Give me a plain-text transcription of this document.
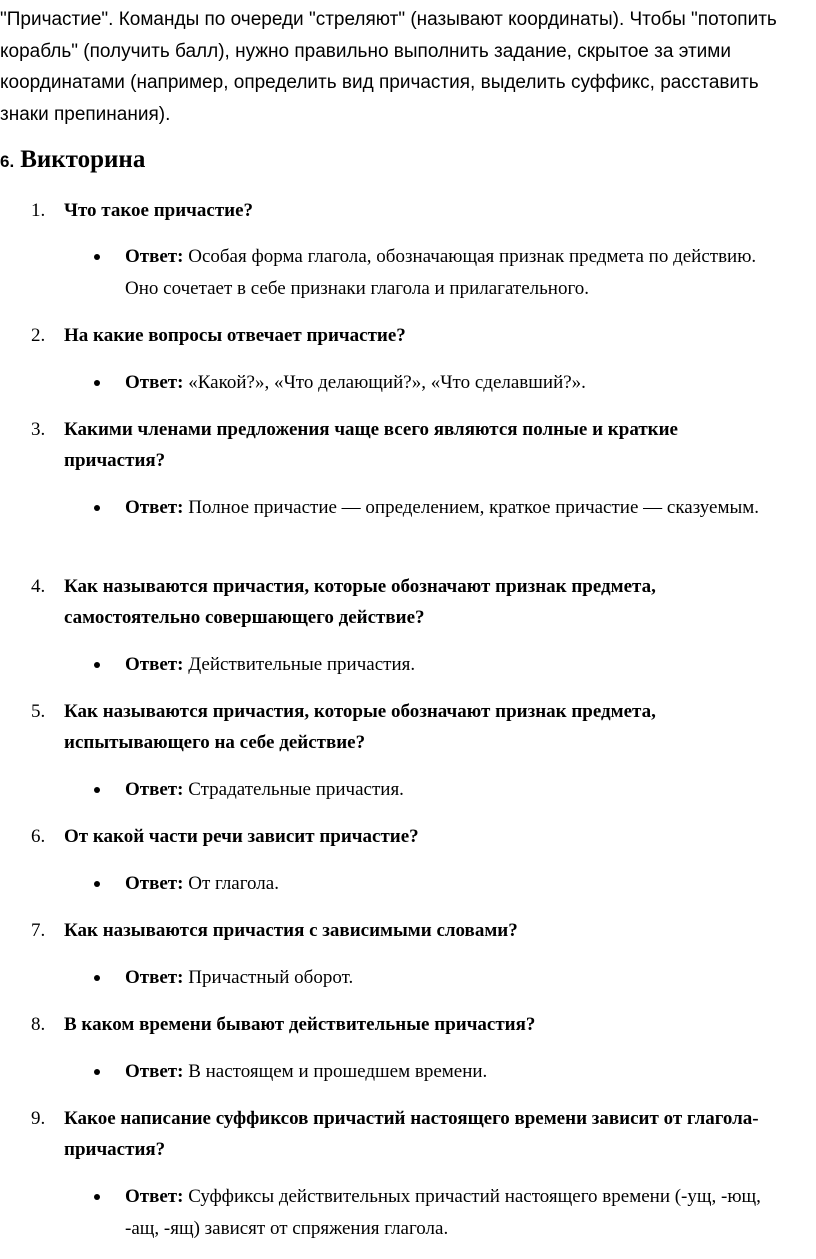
"Причастие". Команды по очереди "стреляют" (называют координаты). Чтобы "потопить корабль" (получить балл), нужно правильно выполнить задание, скрытое за этими координатами (например, определить вид причастия, выделить суффикс, расставить знаки препинания).

6. Викторина
1. Что такое причастие?
Ответ: Особая форма глагола, обозначающая признак предмета по действию. Оно сочетает в себе признаки глагола и прилагательного.
2. На какие вопросы отвечает причастие?
Ответ: «Какой?», «Что делающий?», «Что сделавший?».
3. Какими членами предложения чаще всего являются полные и краткие причастия?
Ответ: Полное причастие — определением, краткое причастие — сказуемым.
4. Как называются причастия, которые обозначают признак предмета, самостоятельно совершающего действие?
Ответ: Действительные причастия.
5. Как называются причастия, которые обозначают признак предмета, испытывающего на себе действие?
Ответ: Страдательные причастия.
6. От какой части речи зависит причастие?
Ответ: От глагола.
7. Как называются причастия с зависимыми словами?
Ответ: Причастный оборот.
8. В каком времени бывают действительные причастия?
Ответ: В настоящем и прошедшем времени.
9. Какое написание суффиксов причастий настоящего времени зависит от глагола-причастия?
Ответ: Суффиксы действительных причастий настоящего времени (-ущ, -ющ, -ащ, -ящ) зависят от спряжения глагола.
